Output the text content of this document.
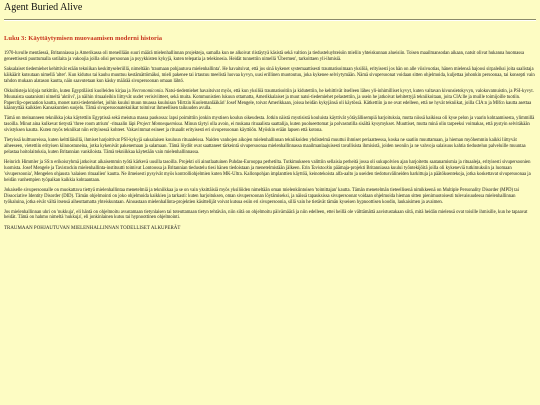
Agent Buried Alive
Luku 3: Käyttäytymisen muovaamisen moderni historia

1970-luvulle mentäessä, Britanniassa ja Amerikassa oli meneillään suuri määrä mielenhallinnan projekteja, samalla kun ne alkoivat riistäytyä käsistä sekä valtion ja tiedusteluyhteisön mieliin yhteiskunnan alueisiin. Toisen maailmansodan aikaan, natsit olivat hukanna huomassa geneettisesti puuttumalla sotilaita ja vakoojia joilla olisi persoonan ja psyykkisten kykyjä, kuten telepatia ja telekinesia. Heidät tunnettiin nimellä 'Übermen', tarkoittaen yli-ihmisiä.

Saksalaiset tiedemiehet kehittivät erään tekniikan keskittyseleriillä, nimeltään 'traumaan pohjautuva mielenhallinta'. He havaitsivat, että jos sinä kykenet systemaattisesti traumatisoimaan yksilöä, erityisesti jos hän on alle viisivuotias, hänen mielensä hajoosi sirpaleiksi joita saalistaja käikäärit kutsutaan nimellä 'alter'. Kun kidutus tai kauhu muuttuu kestämättömäksi, mieli pakenee tai irtautuu meelistä luovaa kyvyn, uusi erillinen muotoutuu, joka kykenee selviytymään. Nämä sivupersoonat voidaan sitten ohjelmoida, kuljettaa johonkin persoonaa, tai konsepti vain tahdon mukaan alatason kautta, näin saavutetaan kun käsky määrää sivupersoonan omaan lähtö.

Okkultisteja kirjoja tutkittiin, kuten Egyptiläisti kuolleiden kirjaa ja Necronomiconia. Natsi-tiedemiehet havaitsivat myös, että kun yksilöä traumatisoitiin ja kidutettiin, he kehittivät itselleen lähes yli-inhimilliset kyvyt, kuten valtavan kivunsietokyvyn, valokuvamuistin, ja PSI-kyvyt. Muunaista saatanismi nimeltä 'aktiivi', ja näihin rituaaleihin liittyvät uudet verisiviitteet, sekä muita. Kommunistien lukuun ottamatta, Amerikkalaiset ja muut natsi-tiedemiehet pelastettiin, ja usein he jatkoivat kehitettyjä tekniikoitaan, joita CIA:lle ja muille toimijoille tuotiin. Paperclip-operaation kautta, monet natsi-tiedemiehet, joihin kuului muun muassa kuuluisan 'Hirtzin Kuolemanlääkäri' Josef Mengele, toivat Amerikkaan, joissa heidän kykyjänsä oli käytössä. Kätkettiin ja ne ovat edelleen, että ne hyvät tekniikat, joilla CIA:n ja MI6:n kautta asettaa käännyttää kaikkien Kansakuntien suojelu. Tämä sivupersoonatekniikat toimivat ihmeellisen taikuuden avulla.

Tämä on meinanneen tekniikka joka käytettiin Egyptissä sekä meistua massa paokossa: lapsi poimittiin jonkin mystisen koulun oikeudesta. Jotkin näistä mystisistä kouluista käyttivät yötäyällisempiä harjoituksia, mutta niissä kaikissa oli kyse pelon ja vaarin kohtaamisesta, ylimmillä tasoilla. Minut aina kulkevat tietystä 'three room atrium' -rituaalin läpi Project Monnequemissa. Minun täytyi olla avoin, ei mukana rituaalista saattalija, kuten puolueettomat ja polvastutilla sisältä kysymykset. Muuttiset, mutta minä olin tarpeeksi voimakas, että pystyin selvitäkään sivistyksen kautta. Kuten myös tekniikat niin erityisessä kohteet. Vakavimmat esineet ja rituaalit erityisesti eri sivupersoonan käyttöön. Myöskin erään lapsen että kotona.

Tietyissä kulttuureissa, kuten kelttiläisillä, ihmiset harjoittivat PSI-kykyjä saksalaisen kouluun rituaaleissa. Naiden vanhojen aikojen mielenhallinnan tekniikoiden yhdistelmä muuttui ihmiset periaatteessa, koska ne saatiin muuttamaan, ja hieman myöhemmin kaikki liittyvät aiheeseen, vietettiin erityisen kiinnostuneina, jotka kykenivät pakenemaan ja salamaan. Tämä löydöt ovat saattaneet tärkeintä sivupersoonaa mielenhallinnassa maailmanlaajuisesti tavallisista ihmisistä, joiden neoniin ja ne vahvoja salaisuus kahtia tiedustelun palveluille muuntaa pelastaa hoitolaitoksia, kuten Britannian vankiloista. Tämä tekniikkaa käytetään vain mielenhallinnassa.

Heinrich Himmler ja SS:n erikoisryhmä jatkoivat aikaisemmin työtä kärkevä uusilla tasoilla. Projekti oli ainutlaatuinen Puhdas-Eurooppa perhetilta. Tutkimukseen valittiin sellaisia perheitä jossa oli sukupolvien ajan harjoitettu saatanamismia ja rituaaleja, erityisesti sivupersoonien luomista. Josef Mengele ja Tavistockin mielenhallinta-instituutti toimivat Lontoossa ja Britannian tiedustelu tiesi hänen tiedoistaan ja menetelmistään jälkeen. Erin Tavistockin päämaja-projekti Britanniassa kuului työntekijöitä joilla oli kykeneviä tutkimuksiin ja luomaan 'sivupersoonia', Mengelen ohjausta 'salaisen rituaalien' kautta. Ne ilmeisesti pysyivät myös kontrolliohjelmien kuten MK-Ultra. Kallonpohjan implanttien käyttöä, keinotekoista alfa-aalto ja useiden tiedotusvälineiden harkittuja ja päätöksentekoja, jotka koskettavat sivupersoonaa ja heidän vanhempien työpaikan kaikkia kohtaantaan.

Jokaiselle sivupersoonalle on muokattava tiettyä mielenhallintaa menetelmiä ja tekniikkaa ja se on vain yksittäisiä myös yksilöiden nimeltään oman mielenkiintoisen 'toimittajan' kautta. Tämän menetelmän tieteellisenä nimikkeenä on Multiple Personality Disorder (MPD) tai Dissociative Identity Disorder (DID). Tämän ohjelmointi on joko ohjelmoida kaikkien ja tarkasti: kuten harjoituksen, oman sivupersoonan löytämiseksi, ja näissä tapauksissa sivupersoonat voidaan ohjelmoida hieman sitten pienimuotoisesti tulevaisuudessa mielenhallinnan työkaluina, jotka eivät vältä itsensä aiheuttamatta yhteiskuntaan. Ainoastaan mielenhallinta-projektien käsittelijät voivat kutsua esiin eri sivupersoonia, sillä vain he tietävät tämän kyseisen hypnoottisen koodin, laukaisimen ja avaimen.

Jos mielenhallinnan uhri on 'nukkuja', eli häntä on ohjelmoitu avustamaan tietynlaisen tai toteuttamaan tietyn tehtävän, niin siitä on ohjelmoitu päivämäärä ja niin edelleen, ettei heillä ole välttämättä aavistustakaan siitä, mitä heidän mielensä ovat toisille ihmisille, kun he tapaavat heidät. Tämä on hahmo nimeltä 'nukkuja', eli jonkinlainen kutsu tai hypnoottinen ohjelmointi.

TRAUMAAN POHJAUTUVAN MIELENHALLINNAN TODELLISET ALKUPERÄT
